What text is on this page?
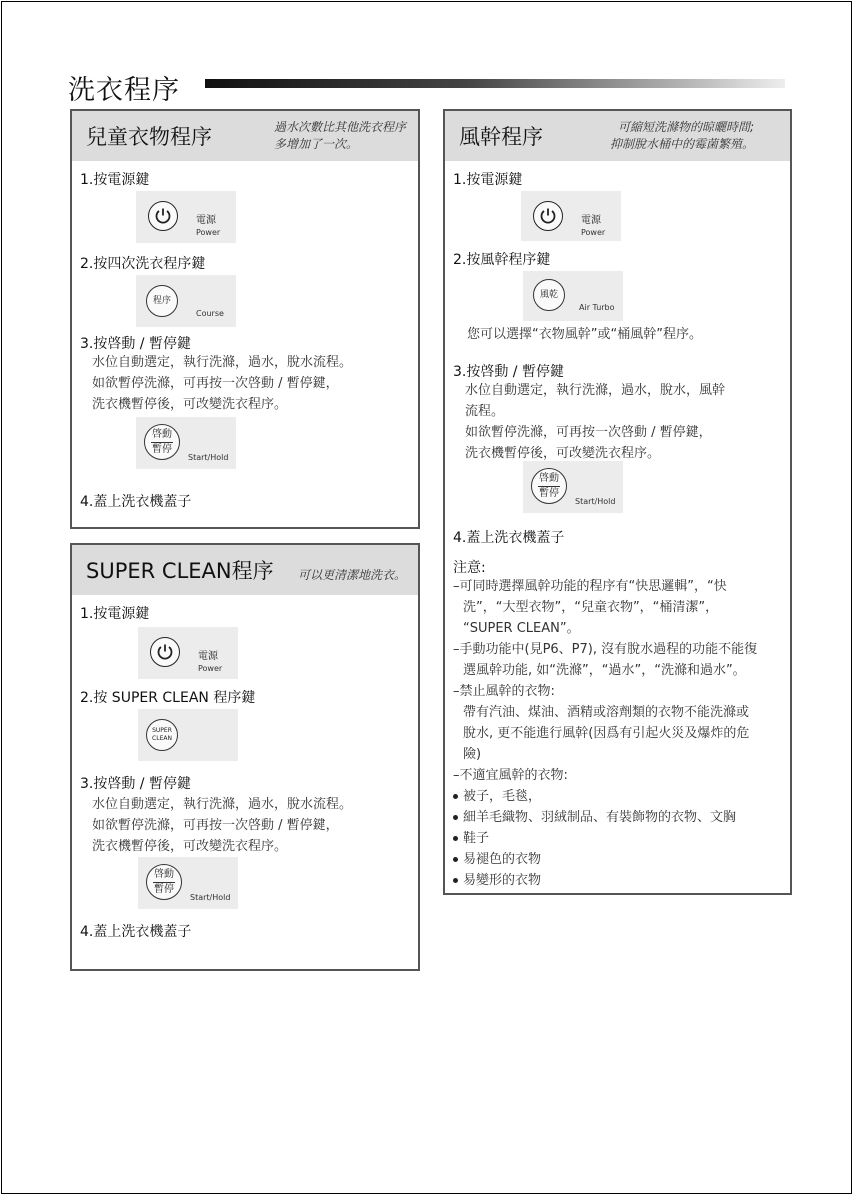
洗衣程序
兒童衣物程序	過水次數比其他洗衣程序
多增加了一次。
1.按電源鍵
電源
Power
2.按四次洗衣程序鍵
程序
Course
3.按啓動 / 暫停鍵
水位自動選定，執行洗滌，過水，脫水流程。
如欲暫停洗滌，可再按一次啓動 / 暫停鍵，
洗衣機暫停後，可改變洗衣程序。
啓動
暫停
Start/Hold
4.蓋上洗衣機蓋子
SUPER CLEAN程序 可以更清潔地洗衣。
1.按電源鍵
電源
Power
2.按 SUPER CLEAN 程序鍵
SUPER
CLEAN
3.按啓動 / 暫停鍵
水位自動選定，執行洗滌，過水，脫水流程。
如欲暫停洗滌，可再按一次啓動 / 暫停鍵，
洗衣機暫停後，可改變洗衣程序。
啓動
暫停
Start/Hold
4.蓋上洗衣機蓋子
風幹程序	可縮短洗滌物的晾曬時間;
抑制脫水桶中的霉菌繁殖。
1.按電源鍵
電源
Power
2.按風幹程序鍵
風乾
Air Turbo
您可以選擇“衣物風幹”或“桶風幹”程序。
3.按啓動 / 暫停鍵
水位自動選定，執行洗滌，過水，脫水，風幹
流程。
如欲暫停洗滌，可再按一次啓動 / 暫停鍵，
洗衣機暫停後，可改變洗衣程序。
啓動
暫停
Start/Hold
4.蓋上洗衣機蓋子
注意:
–可同時選擇風幹功能的程序有“快思邏輯”，“快
洗”，“大型衣物”，“兒童衣物”，“桶清潔”，
“SUPER CLEAN”。
–手動功能中(見P6、P7), 沒有脫水過程的功能不能復
選風幹功能, 如“洗滌”，“過水”，“洗滌和過水”。
–禁止風幹的衣物:
帶有汽油、煤油、酒精或溶劑類的衣物不能洗滌或
脫水, 更不能進行風幹(因爲有引起火災及爆炸的危
險)
–不適宜風幹的衣物:
被子，毛毯，
細羊毛織物、羽絨制品、有裝飾物的衣物、文胸
鞋子
易褪色的衣物
易變形的衣物
